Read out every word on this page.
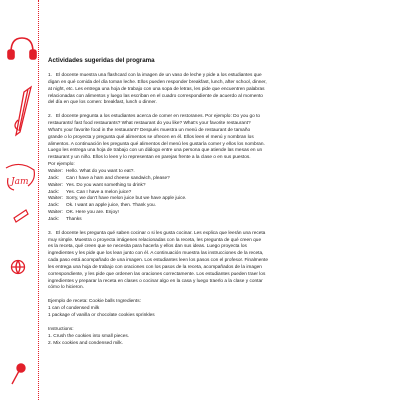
Jam
Actividades sugeridas del programa
1.   El docente muestra una flashcard con la imagen de un vaso de leche y pide a los estudiantes que
digan en qué comida del día toman leche. Ellos pueden responder breakfast, lunch, after school, dinner,
at night, etc. Les entrega una hoja de trabajo con una sopa de letras, les pide que encuentren palabras
relacionadas con alimentos y luego las escriban en el cuadro correspondiente de acuerdo al momento
del día en que los comen: breakfast, lunch o dinner.
2.   El docente pregunta a los estudiantes acerca de comer en restoranes. Por ejemplo: Do you go to
restaurants/ fast food restaurants? What restaurant do you like? What's your favorite restaurant?
What's your favorite food in the restaurant? Después muestra un menú de restaurant de tamaño
grande o lo proyecta y pregunta qué alimentos se ofrecen en él. Ellos leen el menú y nombran los
alimentos. A continuación les pregunta qué alimentos del menú les gustaría comer y ellos los nombran.
Luego les entrega una hoja de trabajo con un diálogo entre una persona que atiende las mesas en un
restaurant y un niño. Ellos lo leen y lo representan en parejas frente a la clase o en sus puestos.
Por ejemplo:
Waiter: Hello. What do you want to eat?.
Jack: Can I have a ham and cheese sandwich, please?
Waiter: Yes. Do you want something to drink?
Jack: Yes. Can I have a melon juice?
Waiter: Sorry, we don't have melon juice but we have apple juice.
Jack: Ok. I want an apple juice, then. Thank you.
Waiter: OK. Here you are. Enjoy!
Jack: Thanks
3.   El docente les pregunta qué saben cocinar o si les gusta cocinar. Les explica que leerán una receta
muy simple. Muestra o proyecta imágenes relacionadas con la receta, les pregunta de qué creen que
es la receta, qué creen que se necesita para hacerla y ellos dan sus ideas. Luego proyecta los
ingredientes y les pide que los lean junto con él. A continuación muestra las instrucciones de la receta,
cada paso está acompañado de una imagen. Los estudiantes leen los pasos con el profesor. Finalmente
les entrega una hoja de trabajo con oraciones con los pasos de la receta, acompañados de la imagen
correspondiente, y les pide que ordenen las oraciones correctamente. Los estudiantes pueden traer los
ingredientes y preparar la receta en clases o cocinar algo en la casa y luego traerlo a la clase y contar
cómo lo hicieron.
Ejemplo de receta: Cookie balls Ingredients:
1 can of condensed milk
1 package of vanilla or chocolate cookies sprinkles
Instructions:
1. Crush the cookies into small pieces.
2. Mix cookies and condensed milk.
